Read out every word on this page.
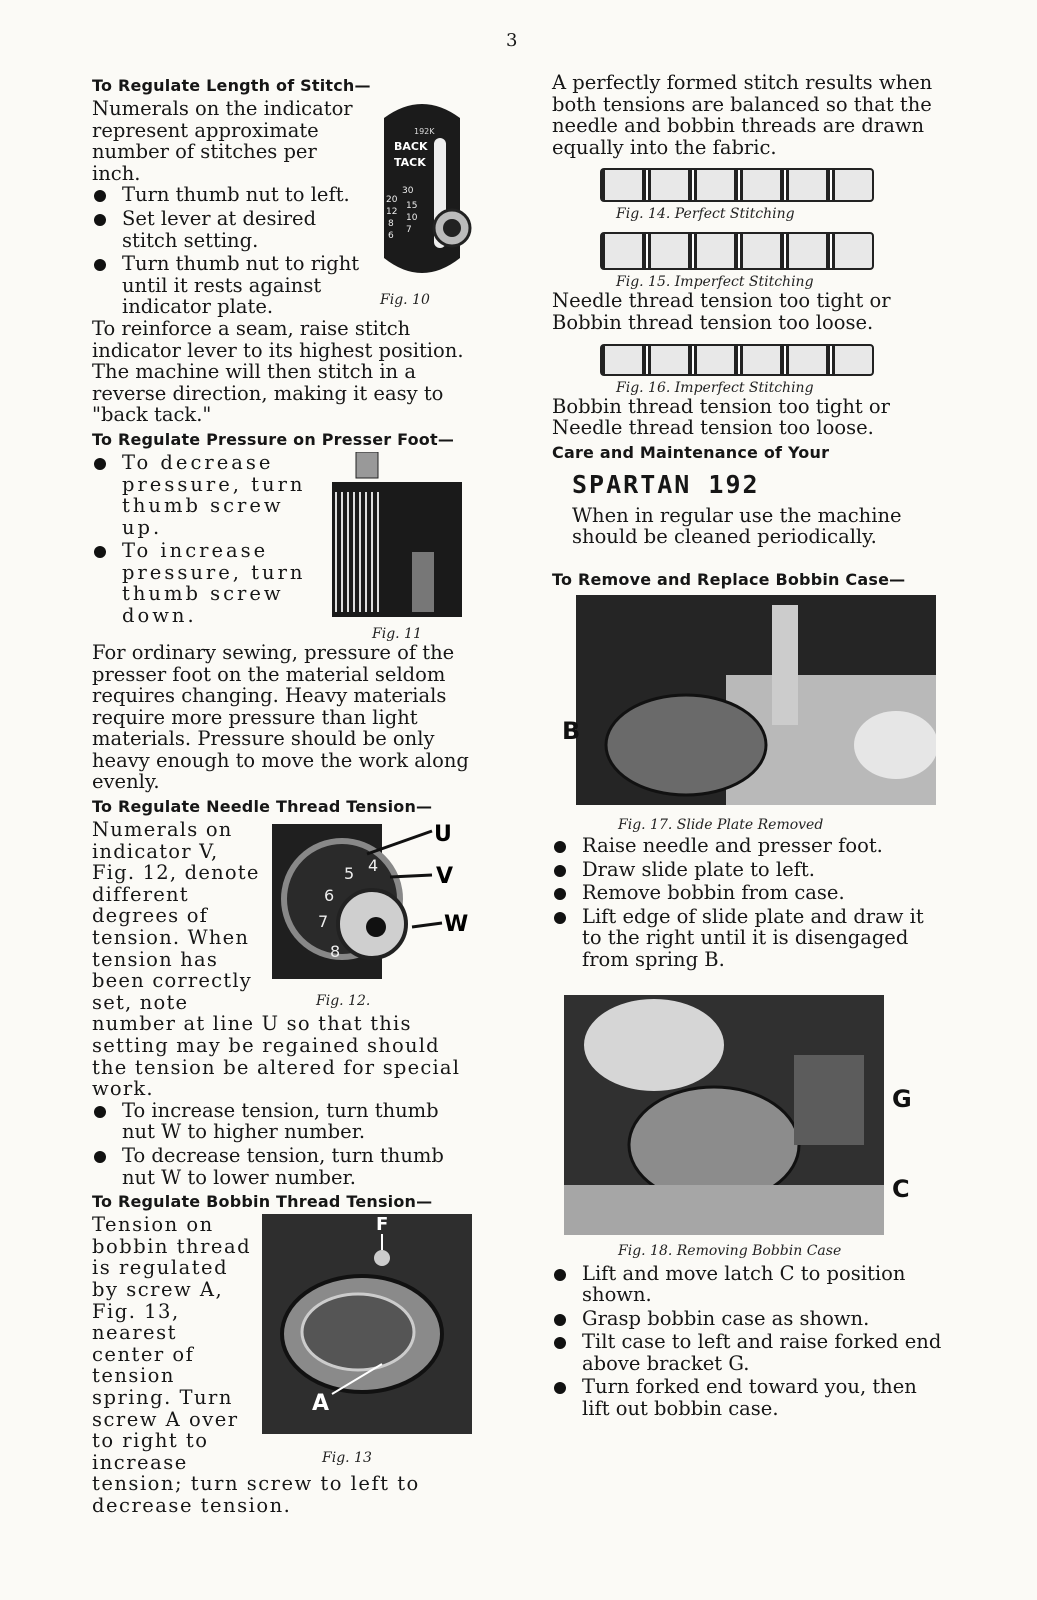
3
To Regulate Length of Stitch—
192K
BACK
TACK
30
20
15
12
10
8
7
6
Fig. 10

Numerals on the indicator represent approximate number of stitches per inch.

Turn thumb nut to left.
Set lever at desired stitch setting.
Turn thumb nut to right until it rests against indicator plate.

To reinforce a seam, raise stitch indicator lever to its highest position. The machine will then stitch in a reverse direction, making it easy to "back tack."

To Regulate Pressure on Presser Foot—
Fig. 11
To decrease pressure, turn thumb screw up.
To increase pressure, turn thumb screw down.

For ordinary sewing, pressure of the presser foot on the material seldom requires changing. Heavy materials require more pressure than light materials. Pressure should be only heavy enough to move the work along evenly.

To Regulate Needle Thread Tension—
4
5
6
7
8
U
V
W
Fig. 12.

Numerals on indicator V, Fig. 12, denote different degrees of tension. When tension has been correctly set, note number at line U so that this setting may be regained should the tension be altered for special work.

To increase tension, turn thumb nut W to higher number.
To decrease tension, turn thumb nut W to lower number.
To Regulate Bobbin Thread Tension—
F
A
Fig. 13

Tension on bobbin thread is regulated by screw A, Fig. 13, nearest center of tension spring. Turn screw A over to right to increase tension; turn screw to left to decrease tension.

A perfectly formed stitch results when both tensions are balanced so that the needle and bobbin threads are drawn equally into the fabric.

Fig. 14. Perfect Stitching
Fig. 15. Imperfect Stitching

Needle thread tension too tight or Bobbin thread tension too loose.

Fig. 16. Imperfect Stitching

Bobbin thread tension too tight or Needle thread tension too loose.

Care and Maintenance of Your
SPARTAN 192

When in regular use the machine should be cleaned periodically.

To Remove and Replace Bobbin Case—
B
Fig. 17. Slide Plate Removed
Raise needle and presser foot.
Draw slide plate to left.
Remove bobbin from case.
Lift edge of slide plate and draw it to the right until it is disengaged from spring B.
G
C
Fig. 18. Removing Bobbin Case
Lift and move latch C to position shown.
Grasp bobbin case as shown.
Tilt case to left and raise forked end above bracket G.
Turn forked end toward you, then lift out bobbin case.
